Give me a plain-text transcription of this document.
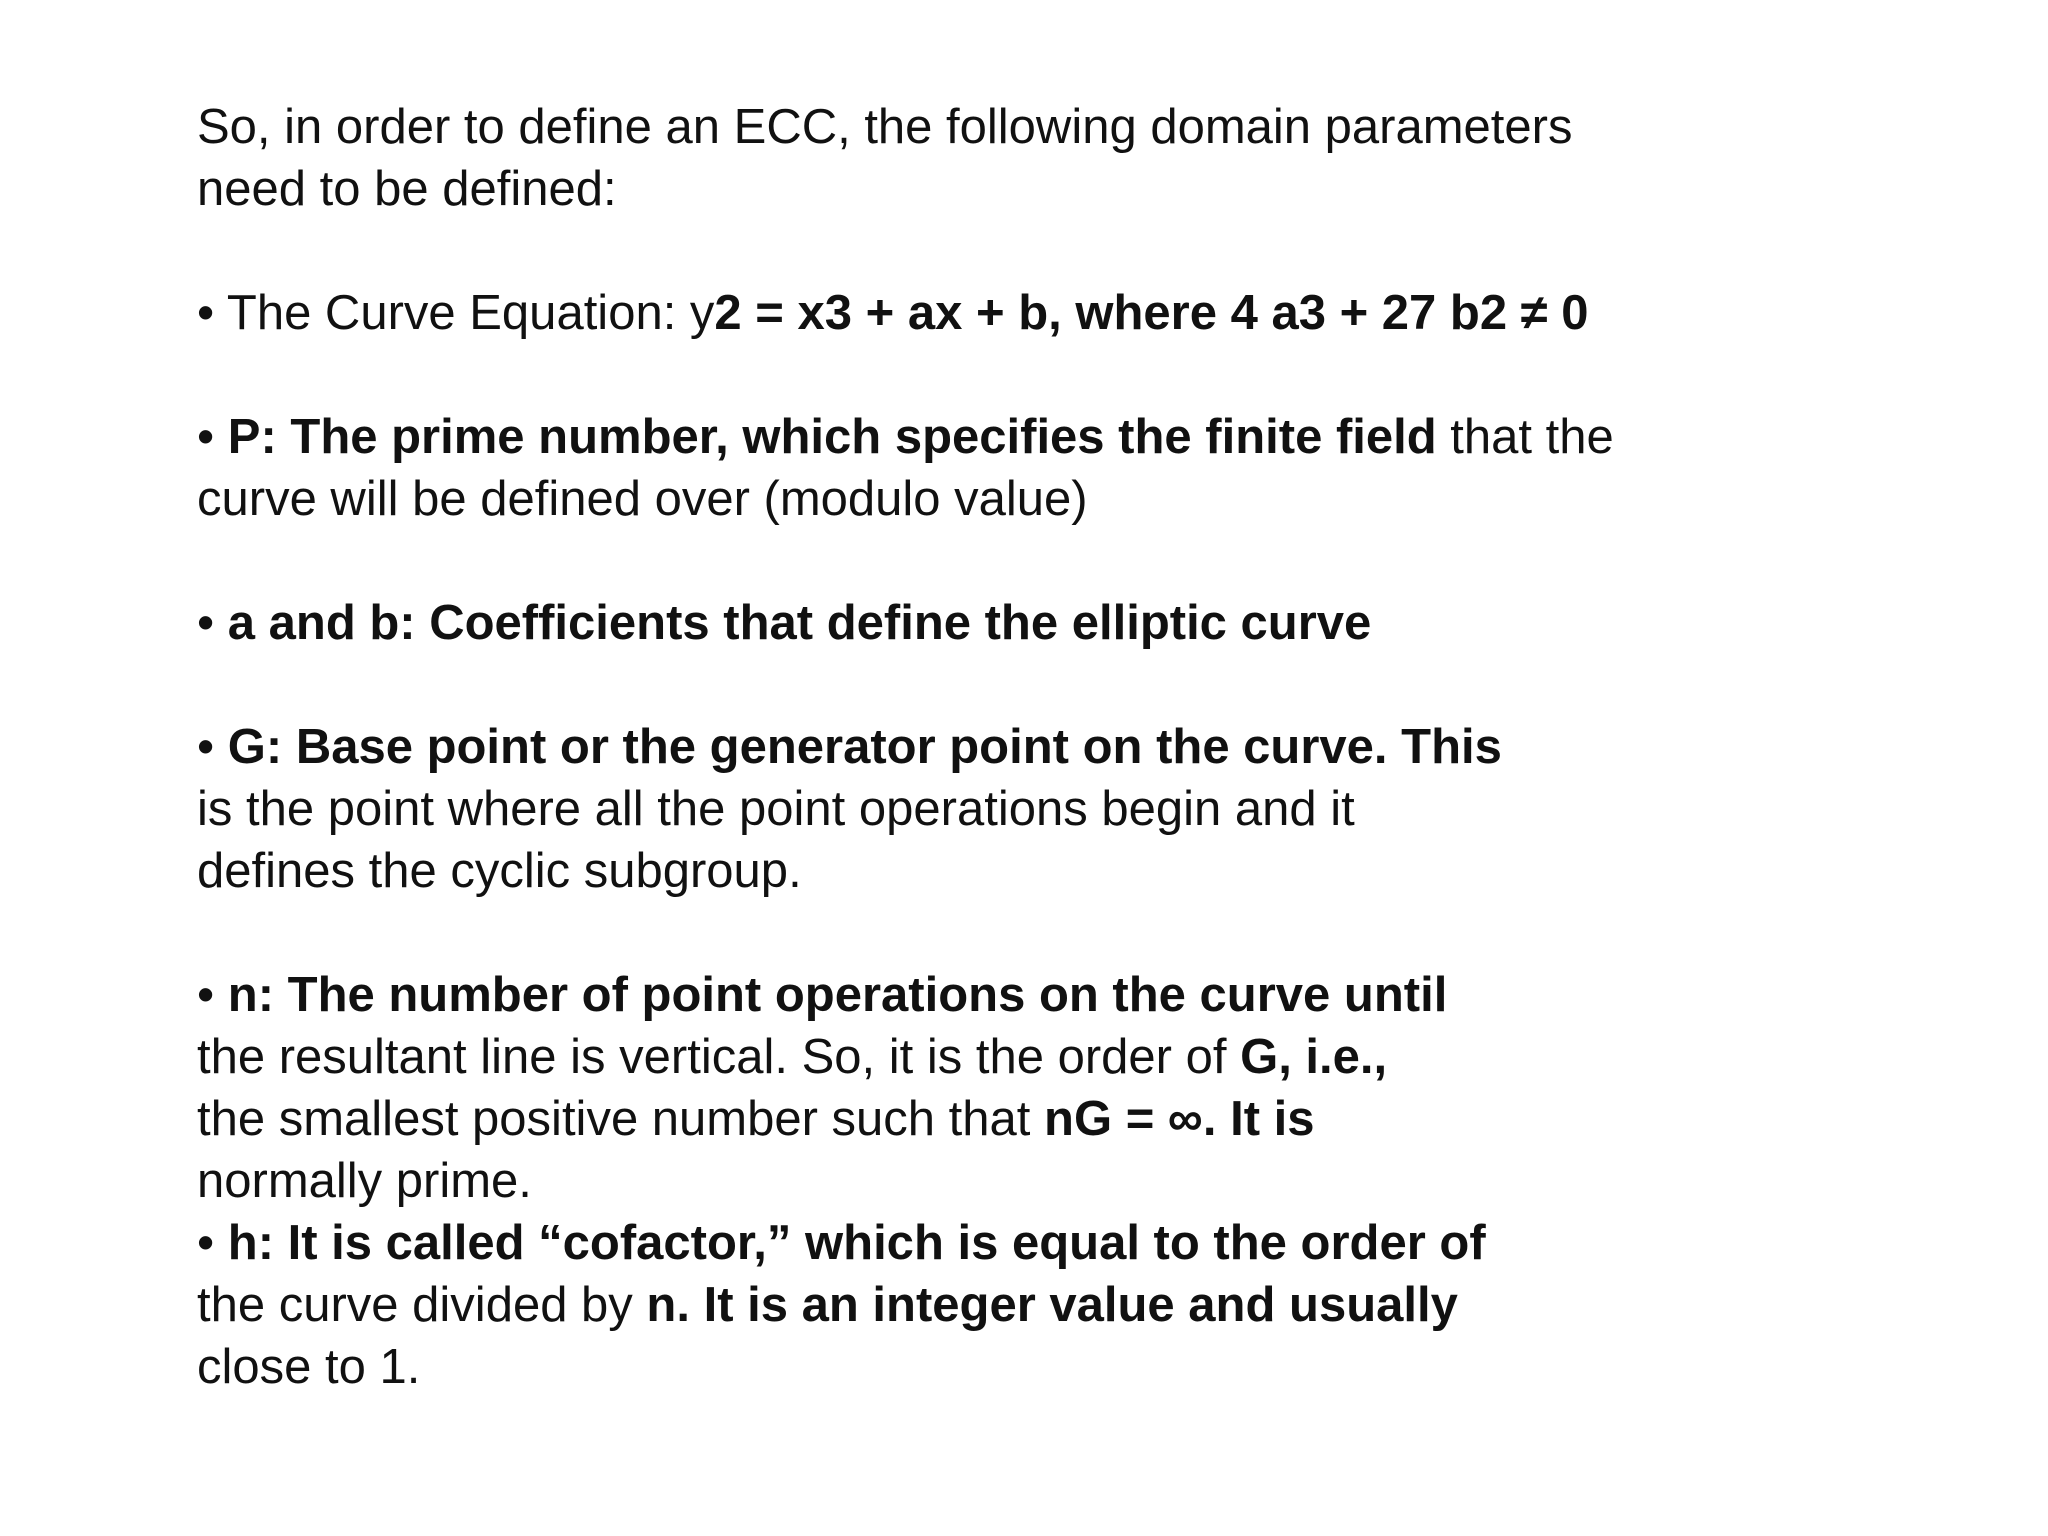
So, in order to define an ECC, the following domain parameters
need to be defined:
• The Curve Equation: y2 = x3 + ax + b, where 4 a3 + 27 b2 ≠ 0
• P: The prime number, which specifies the finite field that the
curve will be defined over (modulo value)
• a and b: Coefficients that define the elliptic curve
• G: Base point or the generator point on the curve. This
is the point where all the point operations begin and it
defines the cyclic subgroup.
• n: The number of point operations on the curve until
the resultant line is vertical. So, it is the order of G, i.e.,
the smallest positive number such that nG = ∞. It is
normally prime.
• h: It is called “cofactor,” which is equal to the order of
the curve divided by n. It is an integer value and usually
close to 1.
